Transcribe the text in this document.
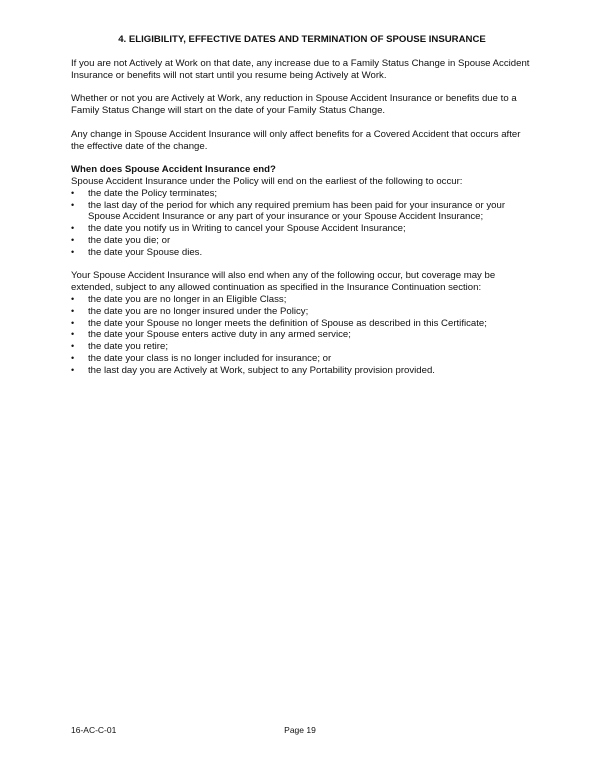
4. ELIGIBILITY, EFFECTIVE DATES AND TERMINATION OF SPOUSE INSURANCE

If you are not Actively at Work on that date, any increase due to a Family Status Change in Spouse Accident Insurance or benefits will not start until you resume being Actively at Work.

Whether or not you are Actively at Work, any reduction in Spouse Accident Insurance or benefits due to a Family Status Change will start on the date of your Family Status Change.

Any change in Spouse Accident Insurance will only affect benefits for a Covered Accident that occurs after the effective date of the change.

When does Spouse Accident Insurance end?

Spouse Accident Insurance under the Policy will end on the earliest of the following to occur:

• the date the Policy terminates;
• the last day of the period for which any required premium has been paid for your insurance or your Spouse Accident Insurance or any part of your insurance or your Spouse Accident Insurance;
• the date you notify us in Writing to cancel your Spouse Accident Insurance;
• the date you die; or
• the date your Spouse dies.

Your Spouse Accident Insurance will also end when any of the following occur, but coverage may be extended, subject to any allowed continuation as specified in the Insurance Continuation section:

• the date you are no longer in an Eligible Class;
• the date you are no longer insured under the Policy;
• the date your Spouse no longer meets the definition of Spouse as described in this Certificate;
• the date your Spouse enters active duty in any armed service;
• the date you retire;
• the date your class is no longer included for insurance; or
• the last day you are Actively at Work, subject to any Portability provision provided.
16-AC-C-01	Page 19
